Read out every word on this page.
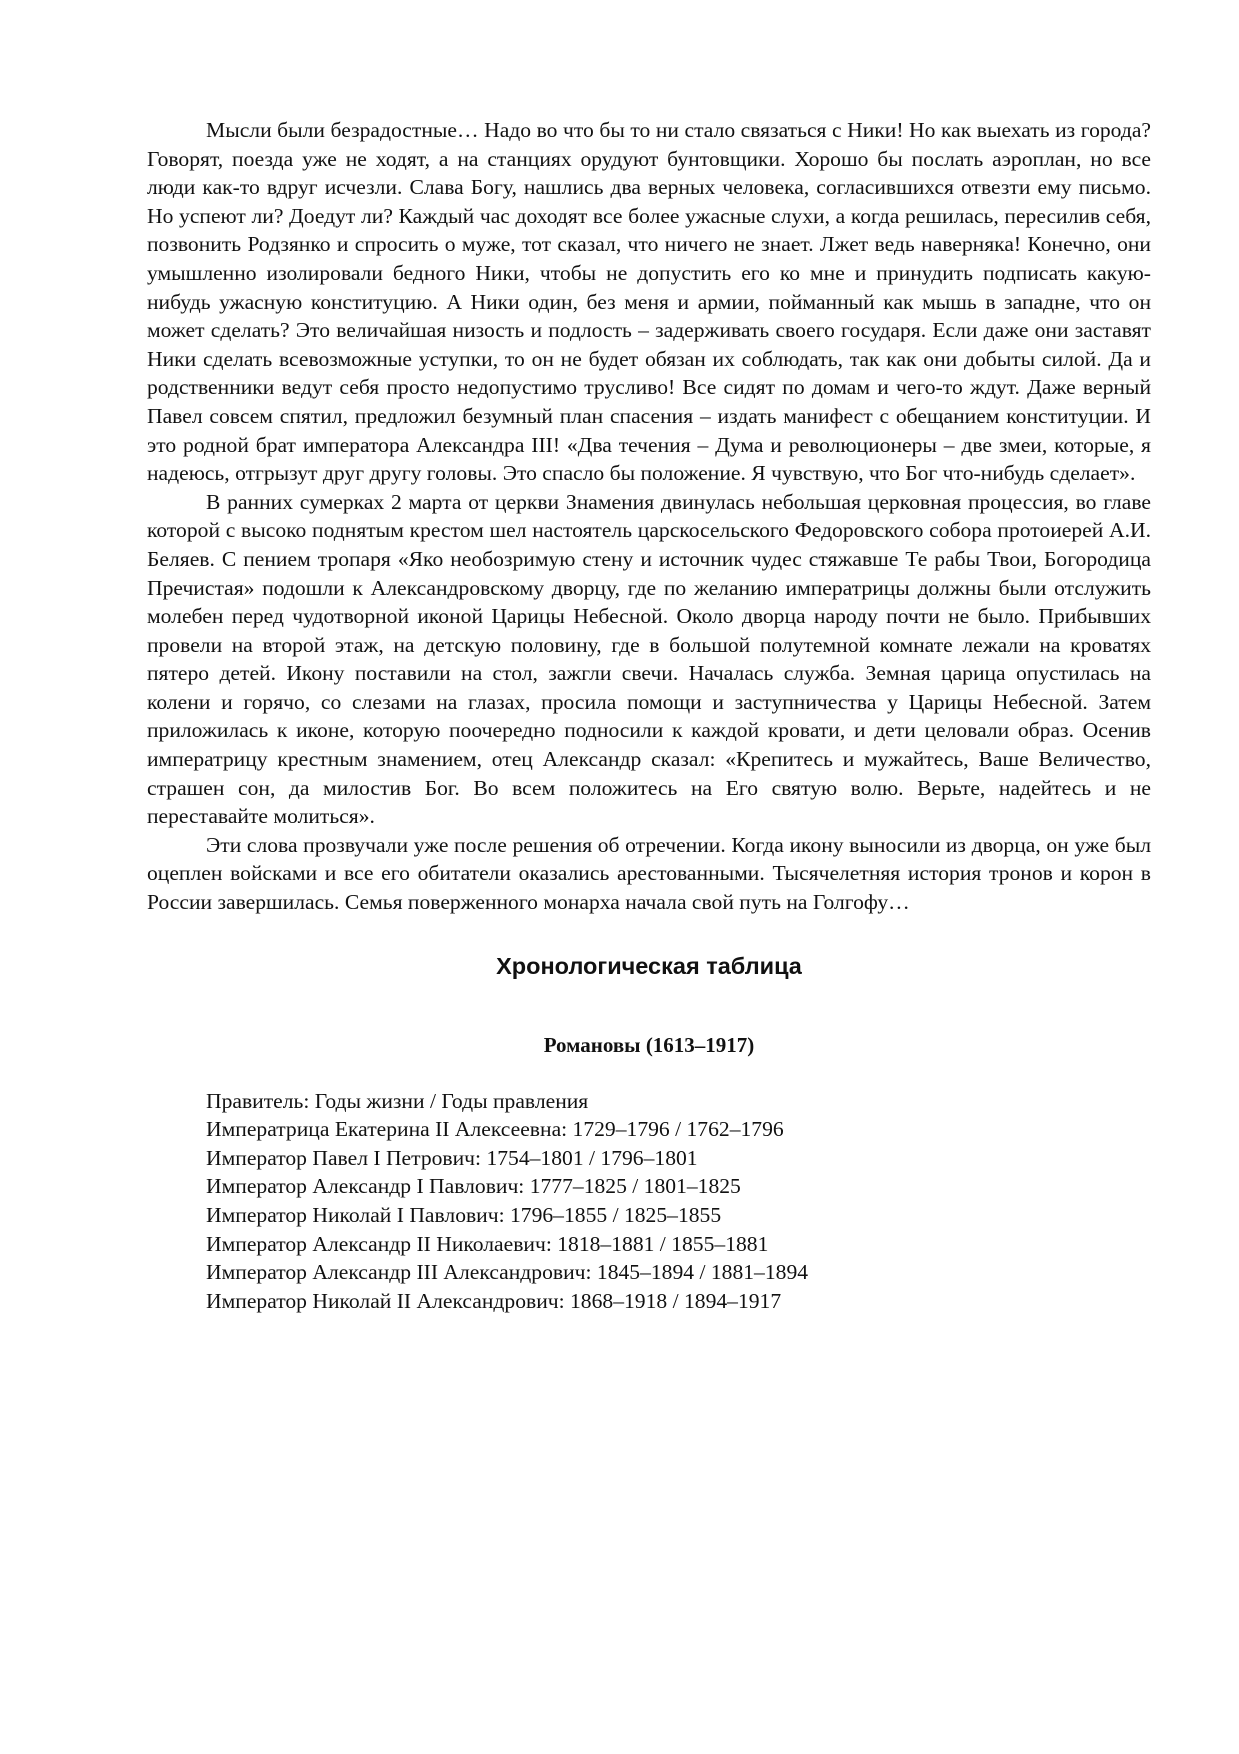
Мысли были безрадостные… Надо во что бы то ни стало связаться с Ники! Но как выехать из города? Говорят, поезда уже не ходят, а на станциях орудуют бунтовщики. Хорошо бы послать аэроплан, но все люди как-то вдруг исчезли. Слава Богу, нашлись два верных человека, согласившихся отвезти ему письмо. Но успеют ли? Доедут ли? Каждый час доходят все более ужасные слухи, а когда решилась, пересилив себя, позвонить Родзянко и спросить о муже, тот сказал, что ничего не знает. Лжет ведь наверняка! Конечно, они умышленно изолировали бедного Ники, чтобы не допустить его ко мне и принудить подписать какую-нибудь ужасную конституцию. А Ники один, без меня и армии, пойманный как мышь в западне, что он может сделать? Это величайшая низость и подлость – задерживать своего государя. Если даже они заставят Ники сделать всевозможные уступки, то он не будет обязан их соблюдать, так как они добыты силой. Да и родственники ведут себя просто недопустимо трусливо! Все сидят по домам и чего-то ждут. Даже верный Павел совсем спятил, предложил безумный план спасения – издать манифест с обещанием конституции. И это родной брат императора Александра III! «Два течения – Дума и революционеры – две змеи, которые, я надеюсь, отгрызут друг другу головы. Это спасло бы положение. Я чувствую, что Бог что-нибудь сделает».

В ранних сумерках 2 марта от церкви Знамения двинулась небольшая церковная процессия, во главе которой с высоко поднятым крестом шел настоятель царскосельского Федоровского собора протоиерей А.И. Беляев. С пением тропаря «Яко необозримую стену и источник чудес стяжавше Те рабы Твои, Богородица Пречистая» подошли к Александровскому дворцу, где по желанию императрицы должны были отслужить молебен перед чудотворной иконой Царицы Небесной. Около дворца народу почти не было. Прибывших провели на второй этаж, на детскую половину, где в большой полутемной комнате лежали на кроватях пятеро детей. Икону поставили на стол, зажгли свечи. Началась служба. Земная царица опустилась на колени и горячо, со слезами на глазах, просила помощи и заступничества у Царицы Небесной. Затем приложилась к иконе, которую поочередно подносили к каждой кровати, и дети целовали образ. Осенив императрицу крестным знамением, отец Александр сказал: «Крепитесь и мужайтесь, Ваше Величество, страшен сон, да милостив Бог. Во всем положитесь на Его святую волю. Верьте, надейтесь и не переставайте молиться».

Эти слова прозвучали уже после решения об отречении. Когда икону выносили из дворца, он уже был оцеплен войсками и все его обитатели оказались арестованными. Тысячелетняя история тронов и корон в России завершилась. Семья поверженного монарха начала свой путь на Голгофу…

Хронологическая таблица
Романовы (1613–1917)
Правитель: Годы жизни / Годы правления
Императрица Екатерина II Алексеевна: 1729–1796 / 1762–1796
Император Павел I Петрович: 1754–1801 / 1796–1801
Император Александр I Павлович: 1777–1825 / 1801–1825
Император Николай I Павлович: 1796–1855 / 1825–1855
Император Александр II Николаевич: 1818–1881 / 1855–1881
Император Александр III Александрович: 1845–1894 / 1881–1894
Император Николай II Александрович: 1868–1918 / 1894–1917
